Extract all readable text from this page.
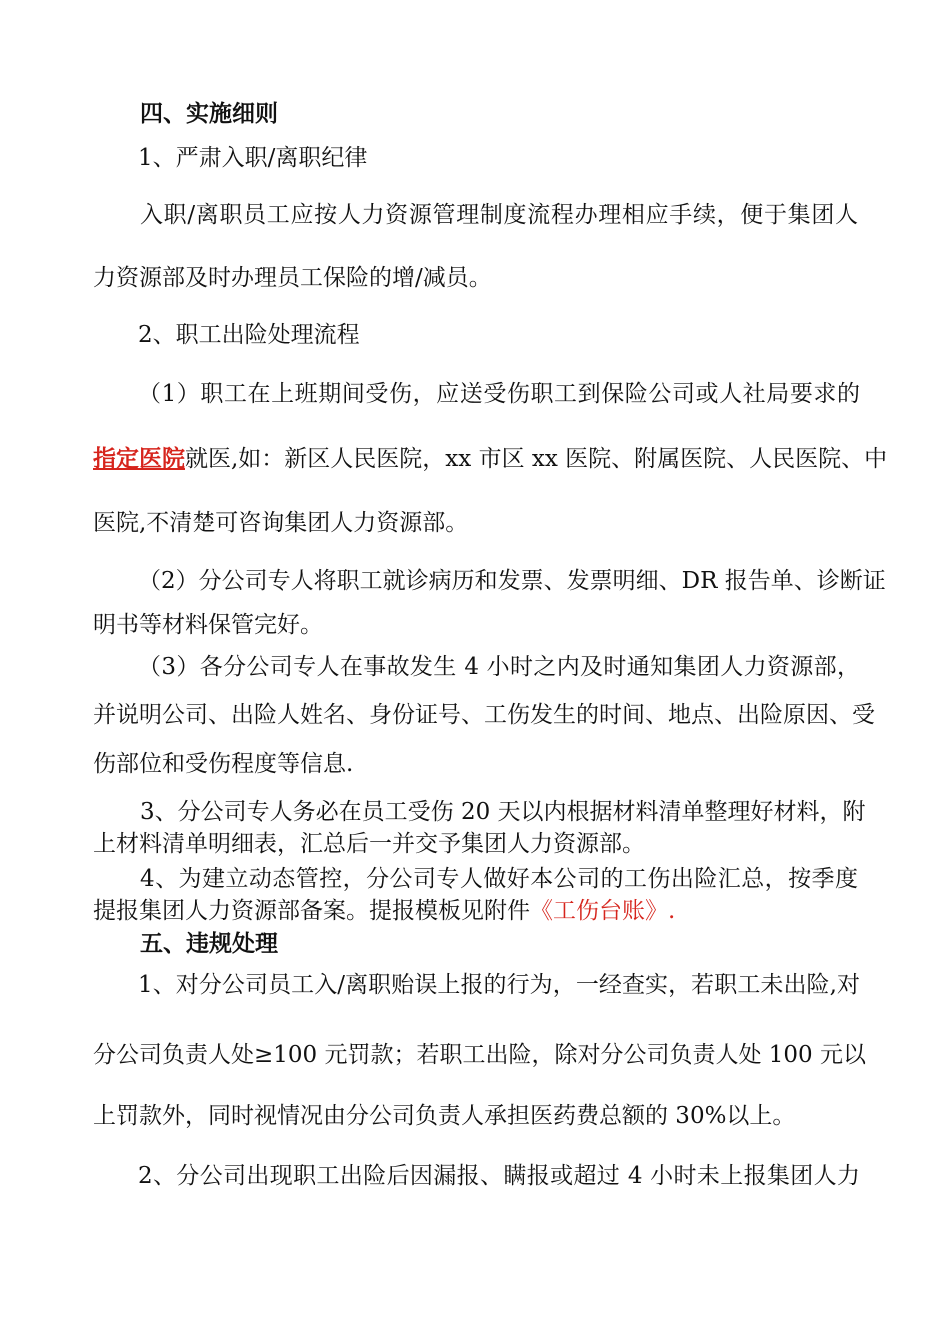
四、实施细则
1、严肃入职/离职纪律
入职/离职员工应按人力资源管理制度流程办理相应手续，便于集团人
力资源部及时办理员工保险的增/减员。
2、职工出险处理流程
（1）职工在上班期间受伤，应送受伤职工到保险公司或人社局要求的
指定医院就医,如：新区人民医院，xx 市区 xx 医院、附属医院、人民医院、中
医院,不清楚可咨询集团人力资源部。
（2）分公司专人将职工就诊病历和发票、发票明细、DR 报告单、诊断证
明书等材料保管完好。
（3）各分公司专人在事故发生 4 小时之内及时通知集团人力资源部，
并说明公司、出险人姓名、身份证号、工伤发生的时间、地点、出险原因、受
伤部位和受伤程度等信息.
3、分公司专人务必在员工受伤 20 天以内根据材料清单整理好材料，附
上材料清单明细表，汇总后一并交予集团人力资源部。
4、为建立动态管控，分公司专人做好本公司的工伤出险汇总，按季度
提报集团人力资源部备案。提报模板见附件《工伤台账》.
五、违规处理
1、对分公司员工入/离职贻误上报的行为，一经查实，若职工未出险,对
分公司负责人处≥100 元罚款；若职工出险，除对分公司负责人处 100 元以
上罚款外，同时视情况由分公司负责人承担医药费总额的 30%以上。
2、分公司出现职工出险后因漏报、瞒报或超过 4 小时未上报集团人力
